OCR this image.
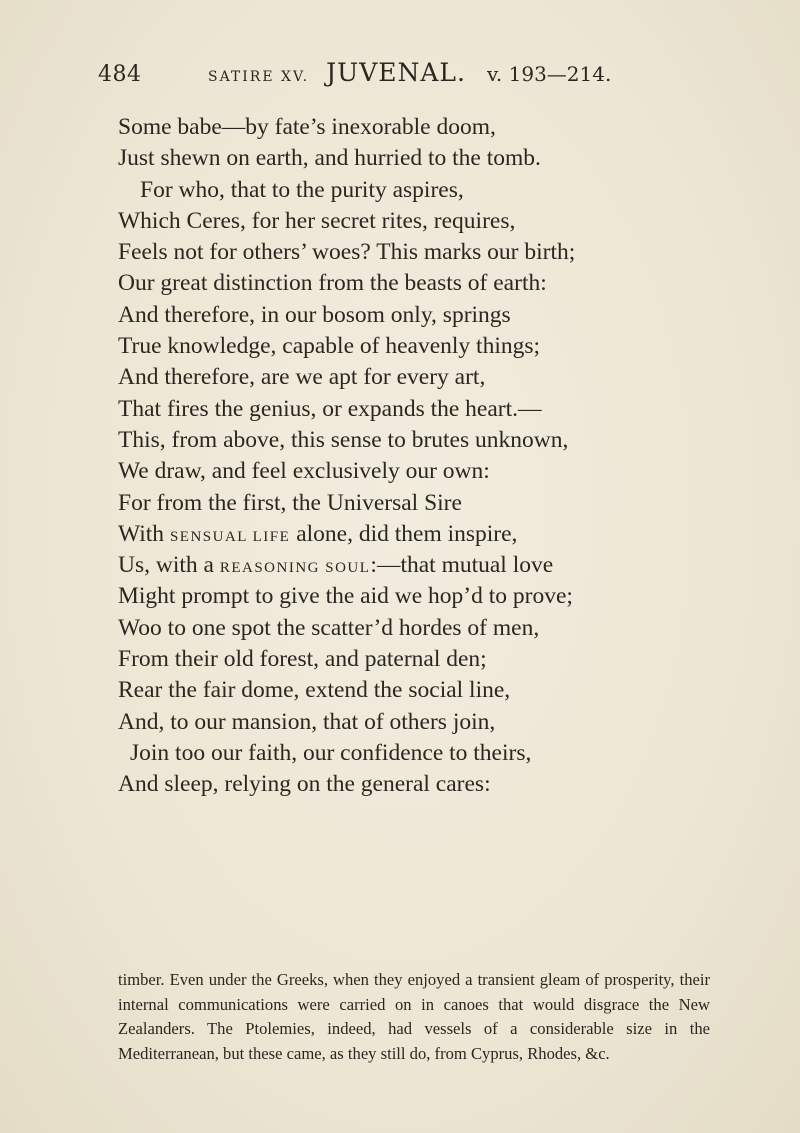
484	SATIRE XV. JUVENAL. v. 193—214.
Some babe—by fate’s inexorable doom,
Just shewn on earth, and hurried to the tomb.
For who, that to the purity aspires,
Which Ceres, for her secret rites, requires,
Feels not for others’ woes? This marks our birth;
Our great distinction from the beasts of earth:
And therefore, in our bosom only, springs
True knowledge, capable of heavenly things;
And therefore, are we apt for every art,
That fires the genius, or expands the heart.—
This, from above, this sense to brutes unknown,
We draw, and feel exclusively our own:
For from the first, the Universal Sire
With SENSUAL LIFE alone, did them inspire,
Us, with a REASONING SOUL:—that mutual love
Might prompt to give the aid we hop’d to prove;
Woo to one spot the scatter’d hordes of men,
From their old forest, and paternal den;
Rear the fair dome, extend the social line,
And, to our mansion, that of others join,
Join too our faith, our confidence to theirs,
And sleep, relying on the general cares:

timber. Even under the Greeks, when they enjoyed a transient gleam of prosperity, their internal communications were carried on in canoes that would disgrace the New Zealanders. The Ptolemies, indeed, had vessels of a considerable size in the Mediterranean, but these came, as they still do, from Cyprus, Rhodes, &c.
